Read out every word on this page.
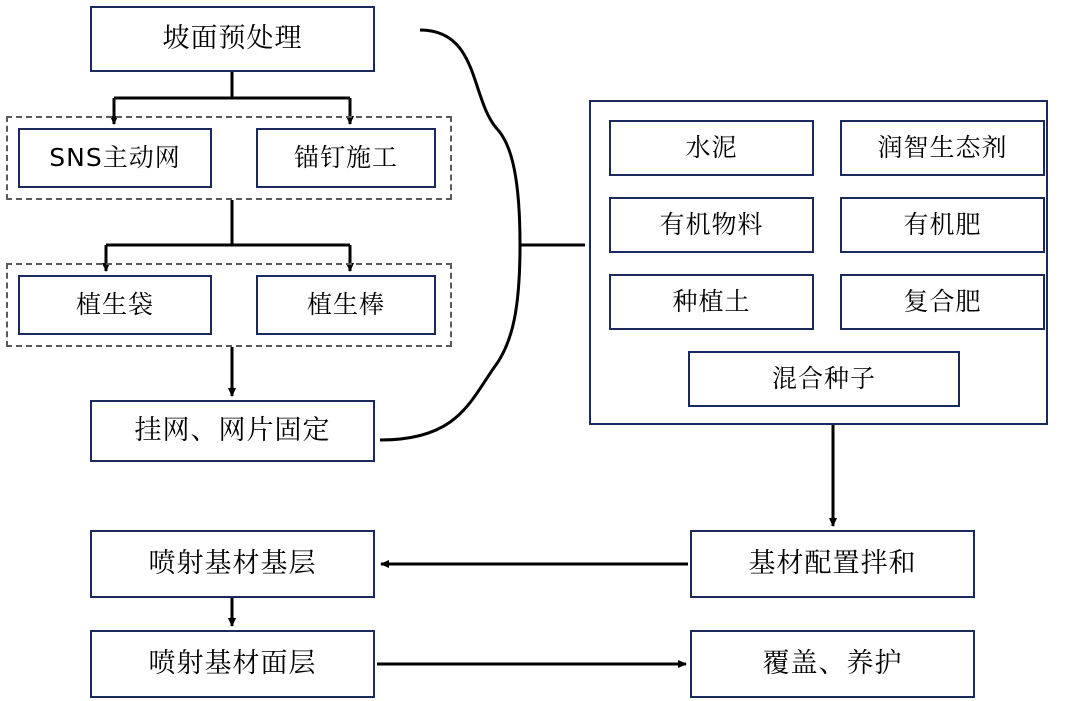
坡面预处理
SNS主动网	锚钉施工
植生袋	植生棒
挂网、网片固定
喷射基材基层
喷射基材面层
基材配置拌和
覆盖、养护
水泥	润智生态剂
有机物料	有机肥
种植土	复合肥
混合种子
